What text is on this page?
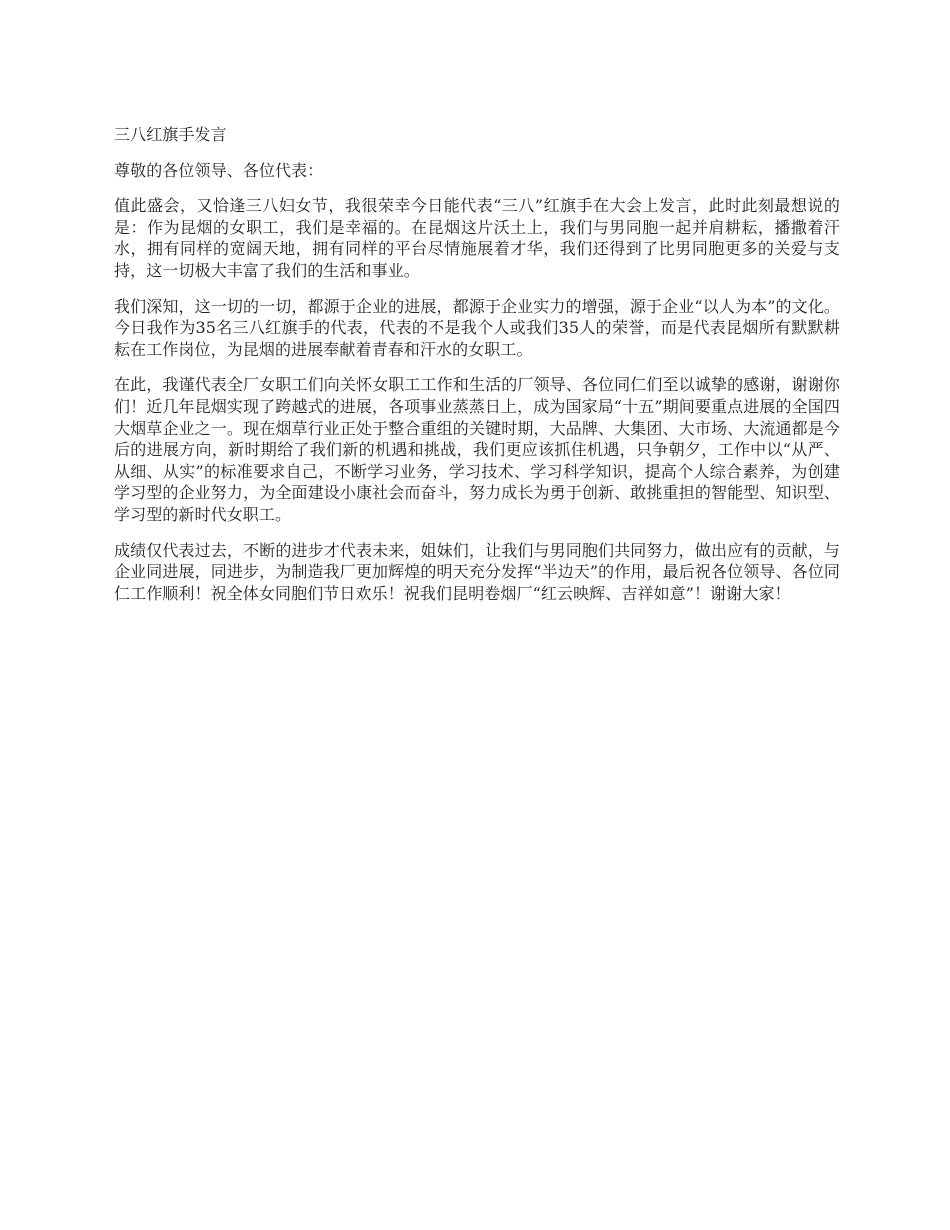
三八红旗手发言

尊敬的各位领导、各位代表：

值此盛会，又恰逢三八妇女节，我很荣幸今日能代表“三八”红旗手在大会上发言，此时此刻最想说的是：作为昆烟的女职工，我们是幸福的。在昆烟这片沃土上，我们与男同胞一起并肩耕耘，播撒着汗水，拥有同样的宽阔天地，拥有同样的平台尽情施展着才华，我们还得到了比男同胞更多的关爱与支持，这一切极大丰富了我们的生活和事业。

我们深知，这一切的一切，都源于企业的进展，都源于企业实力的增强，源于企业“以人为本”的文化。今日我作为35名三八红旗手的代表，代表的不是我个人或我们35人的荣誉，而是代表昆烟所有默默耕耘在工作岗位，为昆烟的进展奉献着青春和汗水的女职工。

在此，我谨代表全厂女职工们向关怀女职工工作和生活的厂领导、各位同仁们至以诚挚的感谢，谢谢你们！近几年昆烟实现了跨越式的进展，各项事业蒸蒸日上，成为国家局“十五”期间要重点进展的全国四大烟草企业之一。现在烟草行业正处于整合重组的关键时期，大品牌、大集团、大市场、大流通都是今后的进展方向，新时期给了我们新的机遇和挑战，我们更应该抓住机遇，只争朝夕，工作中以“从严、从细、从实”的标准要求自己，不断学习业务，学习技术、学习科学知识，提高个人综合素养，为创建学习型的企业努力，为全面建设小康社会而奋斗，努力成长为勇于创新、敢挑重担的智能型、知识型、学习型的新时代女职工。

成绩仅代表过去，不断的进步才代表未来，姐妹们，让我们与男同胞们共同努力，做出应有的贡献，与企业同进展，同进步，为制造我厂更加辉煌的明天充分发挥“半边天”的作用，最后祝各位领导、各位同仁工作顺利！祝全体女同胞们节日欢乐！祝我们昆明卷烟厂“红云映辉、吉祥如意”！谢谢大家！
